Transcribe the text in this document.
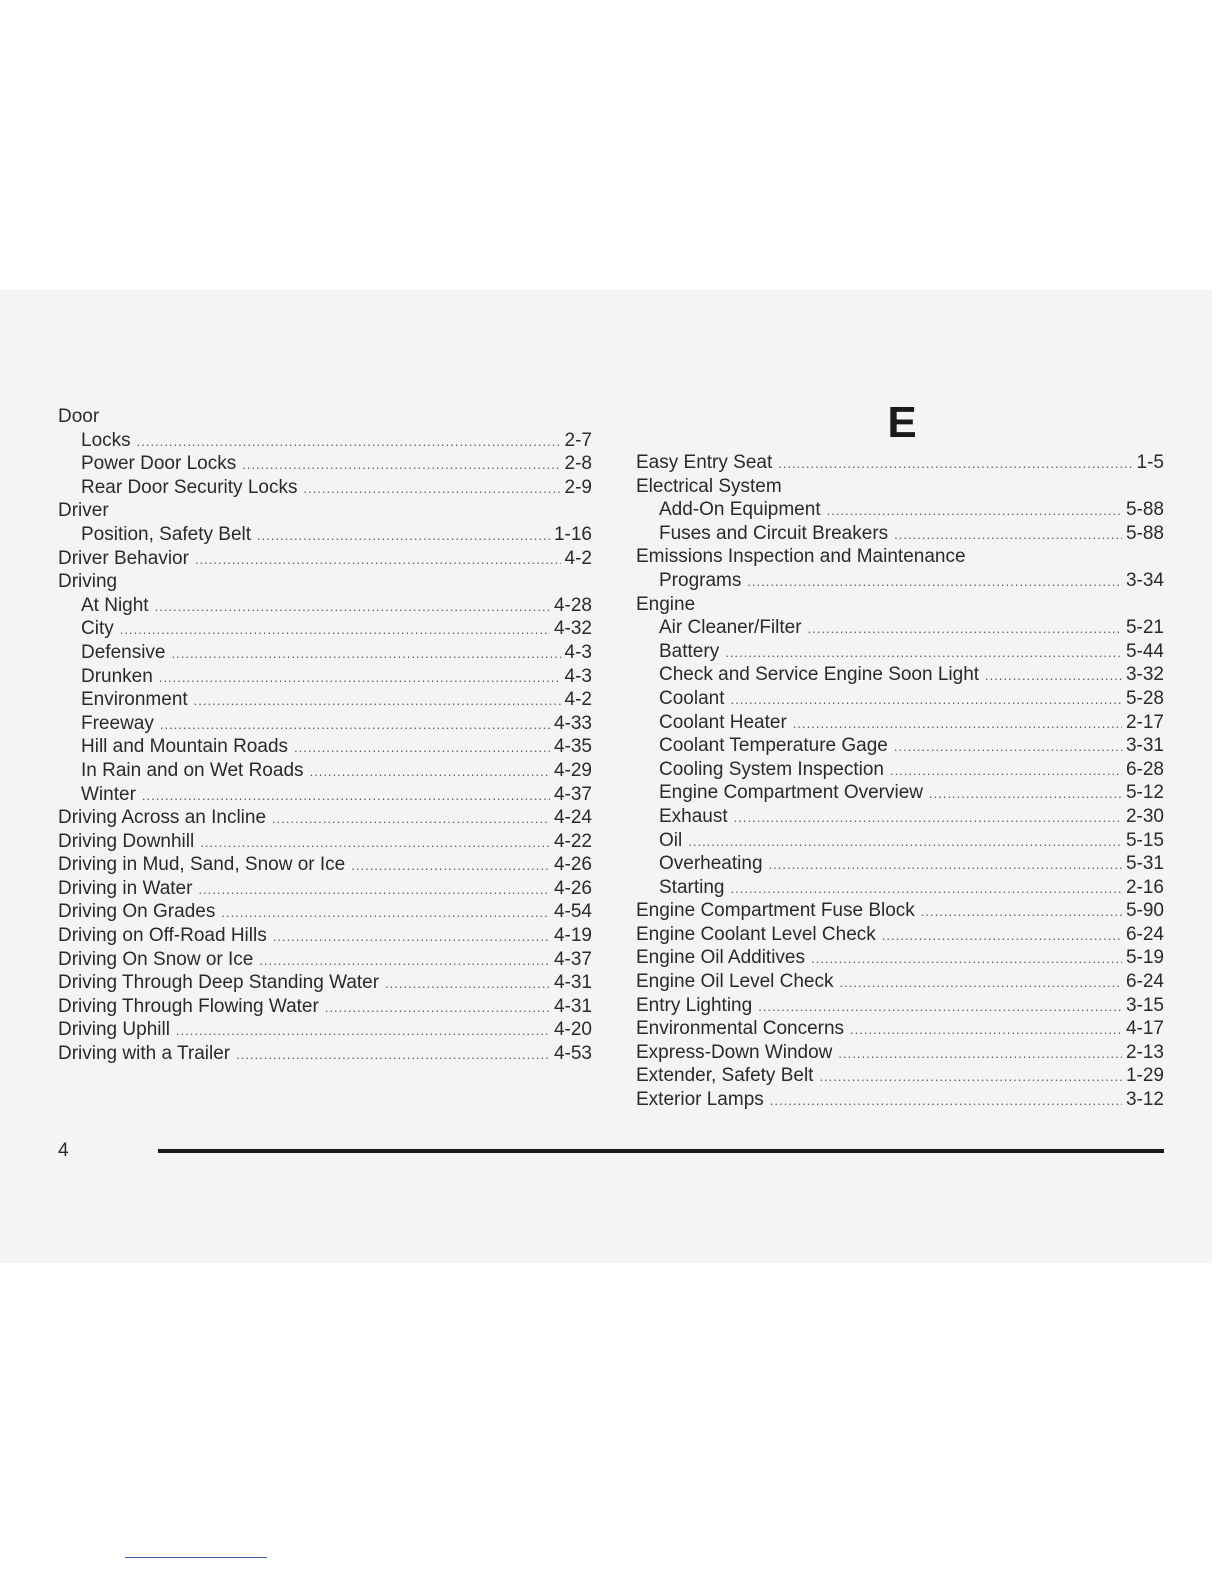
Door
Locks .....	2-7
Power Door Locks .....	2-8
Rear Door Security Locks .....	2-9
Driver
Position, Safety Belt .....	1-16
Driver Behavior .....	4-2
Driving
At Night .....	4-28
City .....	4-32
Defensive .....	4-3
Drunken .....	4-3
Environment .....	4-2
Freeway .....	4-33
Hill and Mountain Roads .....	4-35
In Rain and on Wet Roads .....	4-29
Winter .....	4-37
Driving Across an Incline .....	4-24
Driving Downhill .....	4-22
Driving in Mud, Sand, Snow or Ice .....	4-26
Driving in Water .....	4-26
Driving On Grades .....	4-54
Driving on Off-Road Hills .....	4-19
Driving On Snow or Ice .....	4-37
Driving Through Deep Standing Water .....	4-31
Driving Through Flowing Water .....	4-31
Driving Uphill .....	4-20
Driving with a Trailer .....	4-53
E
Easy Entry Seat .....	1-5
Electrical System
Add-On Equipment .....	5-88
Fuses and Circuit Breakers .....	5-88
Emissions Inspection and Maintenance
Programs .....	3-34
Engine
Air Cleaner/Filter .....	5-21
Battery .....	5-44
Check and Service Engine Soon Light .....	3-32
Coolant .....	5-28
Coolant Heater .....	2-17
Coolant Temperature Gage .....	3-31
Cooling System Inspection .....	6-28
Engine Compartment Overview .....	5-12
Exhaust .....	2-30
Oil .....	5-15
Overheating .....	5-31
Starting .....	2-16
Engine Compartment Fuse Block .....	5-90
Engine Coolant Level Check .....	6-24
Engine Oil Additives .....	5-19
Engine Oil Level Check .....	6-24
Entry Lighting .....	3-15
Environmental Concerns .....	4-17
Express-Down Window .....	2-13
Extender, Safety Belt .....	1-29
Exterior Lamps .....	3-12
4
